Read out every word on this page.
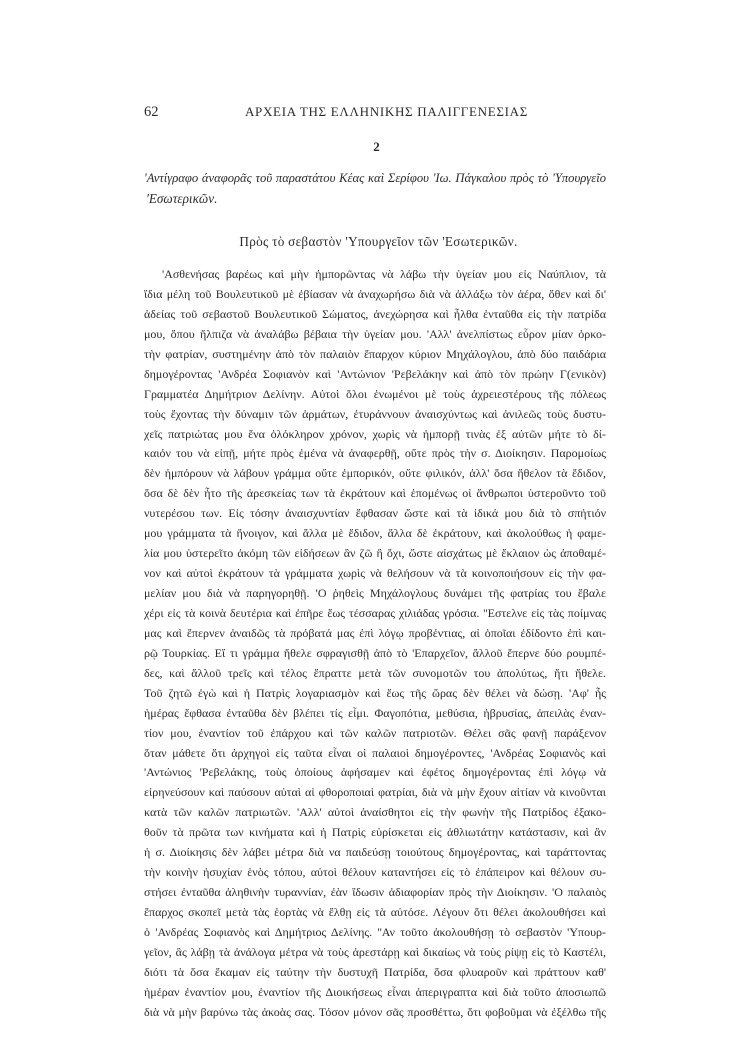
62	ΑΡΧΕΙΑ ΤΗΣ ΕΛΛΗΝΙΚΗΣ ΠΑΛΙΓΓΕΝΕΣΙΑΣ
2
'Αντίγραφο άναφορᾶς τοῦ παραστάτου Κέας καὶ Σερίφου 'Ιω. Πάγκαλου πρὸς τὸ 'Υπουργεῖο
'Εσωτερικῶν.
Πρὸς τὸ σεβαστὸν 'Υπουργεῖον τῶν 'Εσωτερικῶν.
'Ασθενήσας βαρέως καὶ μὴν ἠμπορῶντας νὰ λάβω τὴν ὑγείαν μου εἰς Ναύπλιον, τὰ
ἴδια μέλη τοῦ Βουλευτικοῦ μὲ ἐβίασαν νὰ ἀναχωρήσω διὰ νὰ ἀλλάξω τὸν ἀέρα, ὅθεν καὶ δι'
ἀδείας τοῦ σεβαστοῦ Βουλευτικοῦ Σώματος, ἀνεχώρησα καὶ ἦλθα ἐνταῦθα εἰς τὴν πατρίδα
μου, ὅπου ἤλπιζα νὰ ἀναλάβω βέβαια τὴν ὑγείαν μου. 'Αλλ' ἀνελπίστως εὗρον μίαν ὀρκο-
τὴν φατρίαν, συστημένην ἀπὸ τὸν παλαιὸν ἔπαρχον κύριον Μηχάλογλου, ἀπὸ δύο παιδάρια
δημογέροντας 'Ανδρέα Σοφιανὸν καὶ 'Αντώνιον 'Ρεβελάκην καὶ ἀπὸ τὸν πρώην Γ(ενικὸν)
Γραμματέα Δημήτριον Δελίνην. Αὐτοὶ ὅλοι ἑνωμένοι μὲ τοὺς ἀχρειεστέρους τῆς πόλεως
τοὺς ἔχοντας τὴν δύναμιν τῶν ἁρμάτων, ἐτυράννουν ἀναισχύντως καὶ ἀνιλεῶς τοὺς δυστυ-
χεῖς πατριώτας μου ἕνα ὁλόκληρον χρόνον, χωρὶς νὰ ἠμπορῇ τινὰς ἐξ αὐτῶν μήτε τὸ δί-
καιόν του νὰ εἰπῇ, μήτε πρὸς ἐμένα νὰ ἀναφερθῇ, οὔτε πρὸς τὴν σ. Διοίκησιν. Παρομοίως
δὲν ἠμπόρουν νὰ λάβουν γράμμα οὔτε ἐμπορικόν, οὔτε φιλικόν, ἀλλ' ὅσα ἤθελον τὰ ἔδιδον,
ὅσα δὲ δὲν ἦτο τῆς ἀρεσκείας των τὰ ἐκράτουν καὶ ἑπομένως οἱ ἄνθρωποι ὑστεροῦντο τοῦ
νυτερέσου των. Εἰς τόσην ἀναισχυντίαν ἔφθασαν ὥστε καὶ τὰ ἰδικά μου διὰ τὸ σπήτιόν
μου γράμματα τὰ ἤνοιγον, καὶ ἄλλα μὲ ἔδιδον, ἄλλα δὲ ἐκράτουν, καὶ ἀκολούθως ἡ φαμε-
λία μου ὑστερεῖτο ἀκόμη τῶν εἰδήσεων ἂν ζῶ ἢ ὄχι, ὥστε αἰσχάτως μὲ ἔκλαιον ὡς ἀποθαμέ-
νον καὶ αὐτοὶ ἐκράτουν τὰ γράμματα χωρὶς νὰ θελήσουν νὰ τὰ κοινοποιήσουν εἰς τὴν φα-
μελίαν μου διὰ νὰ παρηγορηθῇ. 'Ο ῥηθεὶς Μηχάλογλους δυνάμει τῆς φατρίας του ἔβαλε
χέρι εἰς τὰ κοινὰ δευτέρια καὶ ἐπῆρε ἕως τέσσαρας χιλιάδας γρόσια. ''Εστελνε εἰς τὰς ποίμνας
μας καὶ ἔπερνεν ἀναιδῶς τὰ πρόβατά μας ἐπὶ λόγῳ προβέντιας, αἱ ὁποῖαι ἐδίδοντο ἐπὶ και-
ρῷ Τουρκίας. Εἴ τι γράμμα ἤθελε σφραγισθῇ ἀπὸ τὸ 'Επαρχεῖον, ἄλλοῦ ἔπερνε δύο ρουμπέ-
δες, καὶ ἄλλοῦ τρεῖς καὶ τέλος ἔπραττε μετὰ τῶν συνομοτῶν του ἀπολύτως, ἥτι ἤθελε.
Τοῦ ζητῶ ἐγὼ καὶ ἡ Πατρὶς λογαριασμὸν καὶ ἕως τῆς ὥρας δὲν θέλει νὰ δώσῃ. 'Αφ' ἧς
ἡμέρας ἔφθασα ἐνταῦθα δὲν βλέπει τίς εἶμι. Φαγοπότια, μεθύσια, ἠβρυσίας, ἀπειλὰς ἐναν-
τίον μου, ἐναντίον τοῦ ἐπάρχου καὶ τῶν καλῶν πατριοτῶν. Θέλει σᾶς φανῇ παράξενον
ὅταν μάθετε ὅτι ἀρχηγοὶ εἰς ταῦτα εἶναι οἱ παλαιοὶ δημογέροντες, 'Ανδρέας Σοφιανὸς καὶ
'Αντώνιος 'Ρεβελάκης, τοὺς ὁποίους ἀφήσαμεν καὶ ἐφέτος δημογέροντας ἐπὶ λόγῳ νὰ
εἰρηνεύσουν καὶ παύσουν αὐταὶ αἱ φθοροποιαὶ φατρίαι, διὰ νὰ μὴν ἔχουν αἰτίαν νὰ κινοῦνται
κατὰ τῶν καλῶν πατριωτῶν. 'Αλλ' αὐτοὶ ἀναίσθητοι εἰς τὴν φωνὴν τῆς Πατρίδος ἐξακο-
θοῦν τὰ πρῶτα των κινήματα καὶ ἡ Πατρὶς εὑρίσκεται εἰς ἀθλιωτάτην κατάστασιν, καὶ ἂν
ἡ σ. Διοίκησις δὲν λάβει μέτρα διὰ να παιδεύσῃ τοιούτους δημογέροντας, καὶ ταράττοντας
τὴν κοινὴν ἡσυχίαν ἑνὸς τόπου, αὐτοὶ θέλουν καταντήσει εἰς τὸ ἐπάπειρον καὶ θέλουν συ-
στήσει ἐνταῦθα ἀληθινὴν τυραννίαν, ἐὰν ἴδωσιν ἀδιαφορίαν πρὸς τὴν Διοίκησιν. 'Ο παλαιὸς
ἔπαρχος σκοπεῖ μετὰ τὰς ἑορτὰς νὰ ἔλθῃ εἰς τὰ αὐτόσε. Λέγουν ὅτι θέλει ἀκολουθήσει καὶ
ὁ 'Ανδρέας Σοφιανὸς καὶ Δημήτριος Δελίνης. ''Αν τοῦτο ἀκολουθήσῃ τὸ σεβαστὸν 'Υπουρ-
γεῖον, ἂς λάβῃ τὰ ἀνάλογα μέτρα νὰ τοὺς ἀρεστάρῃ καὶ δικαίως νὰ τοὺς ρίψῃ εἰς τὸ Καστέλι,
διότι τὰ ὅσα ἔκαμαν εἰς ταύτην τὴν δυστυχῆ Πατρίδα, ὅσα φλυαροῦν καὶ πράττουν καθ'
ἡμέραν ἐναντίον μου, ἐναντίον τῆς Διοικήσεως εἶναι ἀπεριγραπτα καὶ διὰ τοῦτο ἀποσιωπῶ
διὰ νὰ μὴν βαρύνω τὰς ἀκοὰς σας. Τόσον μόνον σᾶς προσθέττω, ὅτι φοβοῦμαι νὰ ἐξέλθω τῆς
